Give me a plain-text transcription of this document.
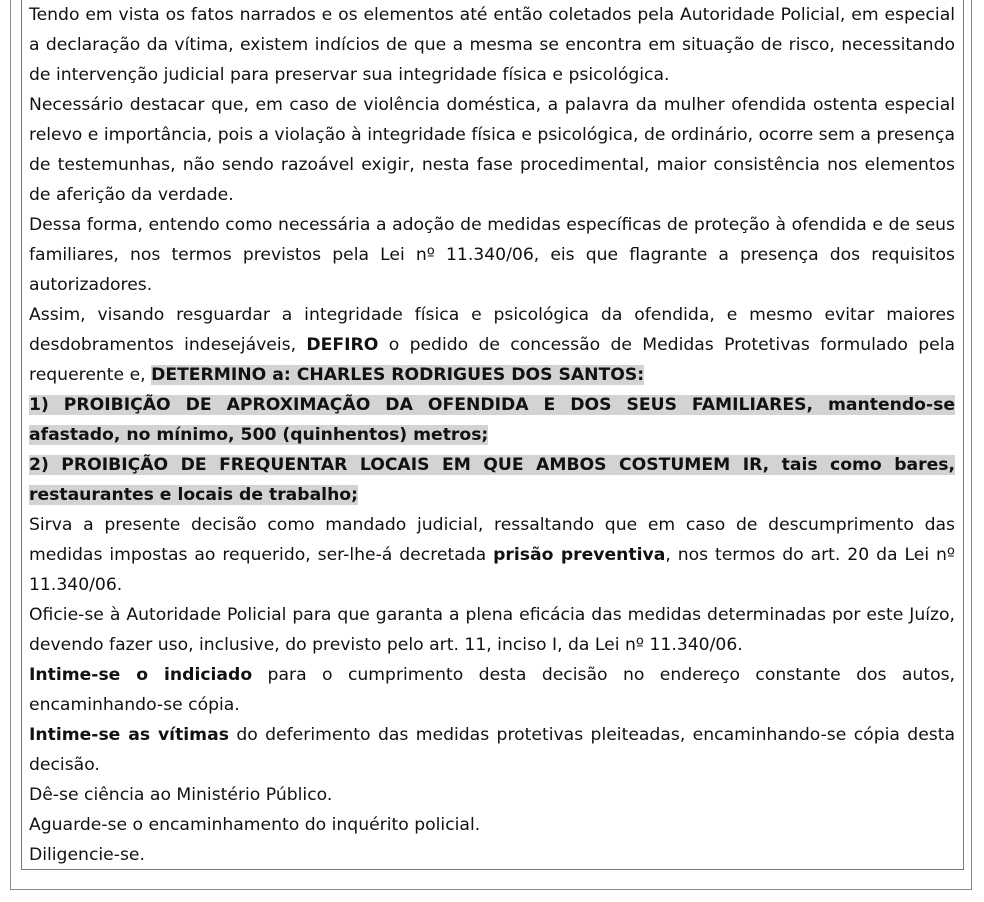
Tendo em vista os fatos narrados e os elementos até então coletados pela Autoridade Policial, em especial a declaração da vítima, existem indícios de que a mesma se encontra em situação de risco, necessitando de intervenção judicial para preservar sua integridade física e psicológica.

Necessário destacar que, em caso de violência doméstica, a palavra da mulher ofendida ostenta especial relevo e importância, pois a violação à integridade física e psicológica, de ordinário, ocorre sem a presença de testemunhas, não sendo razoável exigir, nesta fase procedimental, maior consistência nos elementos de aferição da verdade.

Dessa forma, entendo como necessária a adoção de medidas específicas de proteção à ofendida e de seus familiares, nos termos previstos pela Lei nº 11.340/06, eis que flagrante a presença dos requisitos autorizadores.

Assim, visando resguardar a integridade física e psicológica da ofendida, e mesmo evitar maiores desdobramentos indesejáveis, DEFIRO o pedido de concessão de Medidas Protetivas formulado pela requerente e, DETERMINO a: CHARLES RODRIGUES DOS SANTOS:

1) PROIBIÇÃO DE APROXIMAÇÃO DA OFENDIDA E DOS SEUS FAMILIARES, mantendo-se afastado, no mínimo, 500 (quinhentos) metros;

2) PROIBIÇÃO DE FREQUENTAR LOCAIS EM QUE AMBOS COSTUMEM IR, tais como bares, restaurantes e locais de trabalho;

Sirva a presente decisão como mandado judicial, ressaltando que em caso de descumprimento das medidas impostas ao requerido, ser-lhe-á decretada prisão preventiva, nos termos do art. 20 da Lei nº 11.340/06.

Oficie-se à Autoridade Policial para que garanta a plena eficácia das medidas determinadas por este Juízo, devendo fazer uso, inclusive, do previsto pelo art. 11, inciso I, da Lei nº 11.340/06.

Intime-se o indiciado para o cumprimento desta decisão no endereço constante dos autos, encaminhando-se cópia.

Intime-se as vítimas do deferimento das medidas protetivas pleiteadas, encaminhando-se cópia desta decisão.

Dê-se ciência ao Ministério Público.

Aguarde-se o encaminhamento do inquérito policial.

Diligencie-se.
